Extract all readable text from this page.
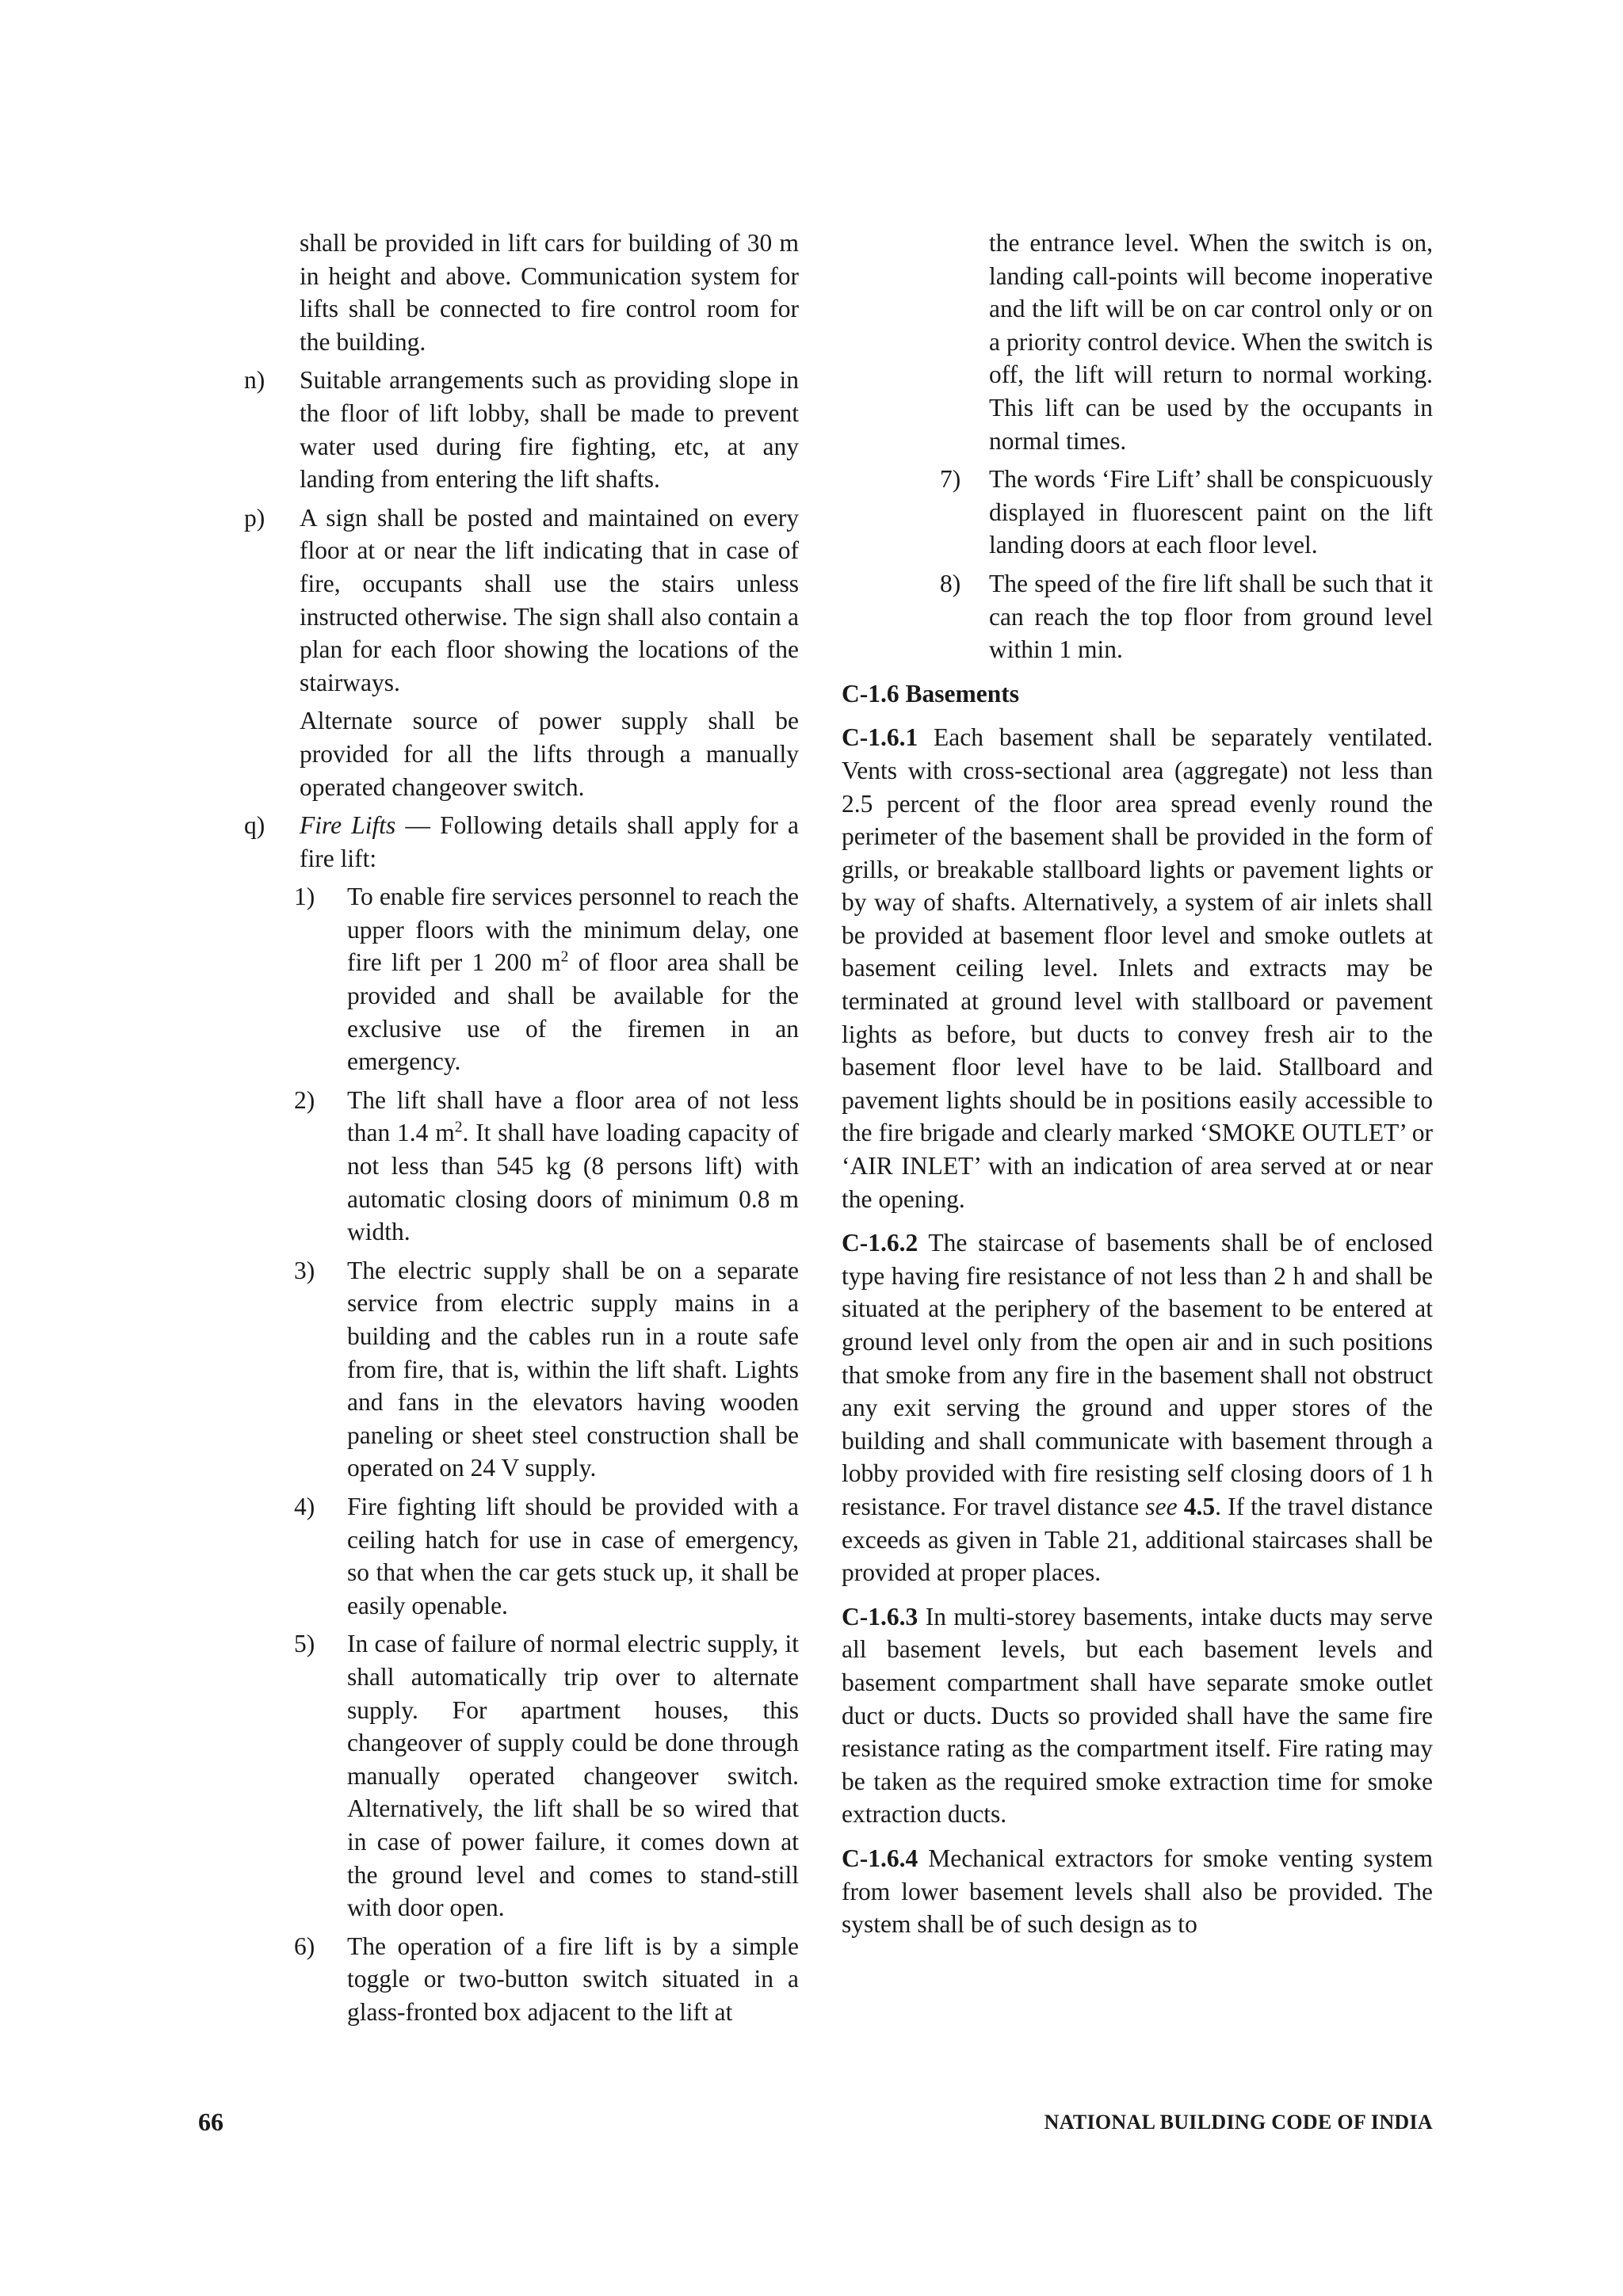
shall be provided in lift cars for building of 30 m in height and above. Communication system for lifts shall be connected to fire control room for the building.

n) Suitable arrangements such as providing slope in the floor of lift lobby, shall be made to prevent water used during fire fighting, etc, at any landing from entering the lift shafts.
p) A sign shall be posted and maintained on every floor at or near the lift indicating that in case of fire, occupants shall use the stairs unless instructed otherwise. The sign shall also contain a plan for each floor showing the locations of the stairways.

Alternate source of power supply shall be provided for all the lifts through a manually operated changeover switch.

q) Fire Lifts — Following details shall apply for a fire lift:
1) To enable fire services personnel to reach the upper floors with the minimum delay, one fire lift per 1 200 $m^2$ of floor area shall be provided and shall be available for the exclusive use of the firemen in an emergency.
2) The lift shall have a floor area of not less than 1.4 $m^2$. It shall have loading capacity of not less than 545 kg (8 persons lift) with automatic closing doors of minimum 0.8 m width.
3) The electric supply shall be on a separate service from electric supply mains in a building and the cables run in a route safe from fire, that is, within the lift shaft. Lights and fans in the elevators having wooden paneling or sheet steel construction shall be operated on 24 V supply.
4) Fire fighting lift should be provided with a ceiling hatch for use in case of emergency, so that when the car gets stuck up, it shall be easily openable.
5) In case of failure of normal electric supply, it shall automatically trip over to alternate supply. For apartment houses, this changeover of supply could be done through manually operated changeover switch. Alternatively, the lift shall be so wired that in case of power failure, it comes down at the ground level and comes to stand-still with door open.
6) The operation of a fire lift is by a simple toggle or two-button switch situated in a glass-fronted box adjacent to the lift at

the entrance level. When the switch is on, landing call-points will become inoperative and the lift will be on car control only or on a priority control device. When the switch is off, the lift will return to normal working. This lift can be used by the occupants in normal times.

7) The words ‘Fire Lift’ shall be conspicuously displayed in fluorescent paint on the lift landing doors at each floor level.
8) The speed of the fire lift shall be such that it can reach the top floor from ground level within 1 min.

C-1.6 Basements

C-1.6.1 Each basement shall be separately ventilated. Vents with cross-sectional area (aggregate) not less than 2.5 percent of the floor area spread evenly round the perimeter of the basement shall be provided in the form of grills, or breakable stallboard lights or pavement lights or by way of shafts. Alternatively, a system of air inlets shall be provided at basement floor level and smoke outlets at basement ceiling level. Inlets and extracts may be terminated at ground level with stallboard or pavement lights as before, but ducts to convey fresh air to the basement floor level have to be laid. Stallboard and pavement lights should be in positions easily accessible to the fire brigade and clearly marked ‘SMOKE OUTLET’ or ‘AIR INLET’ with an indication of area served at or near the opening.

C-1.6.2 The staircase of basements shall be of enclosed type having fire resistance of not less than 2 h and shall be situated at the periphery of the basement to be entered at ground level only from the open air and in such positions that smoke from any fire in the basement shall not obstruct any exit serving the ground and upper stores of the building and shall communicate with basement through a lobby provided with fire resisting self closing doors of 1 h resistance. For travel distance see 4.5. If the travel distance exceeds as given in Table 21, additional staircases shall be provided at proper places.

C-1.6.3 In multi-storey basements, intake ducts may serve all basement levels, but each basement levels and basement compartment shall have separate smoke outlet duct or ducts. Ducts so provided shall have the same fire resistance rating as the compartment itself. Fire rating may be taken as the required smoke extraction time for smoke extraction ducts.

C-1.6.4 Mechanical extractors for smoke venting system from lower basement levels shall also be provided. The system shall be of such design as to

66	NATIONAL BUILDING CODE OF INDIA
